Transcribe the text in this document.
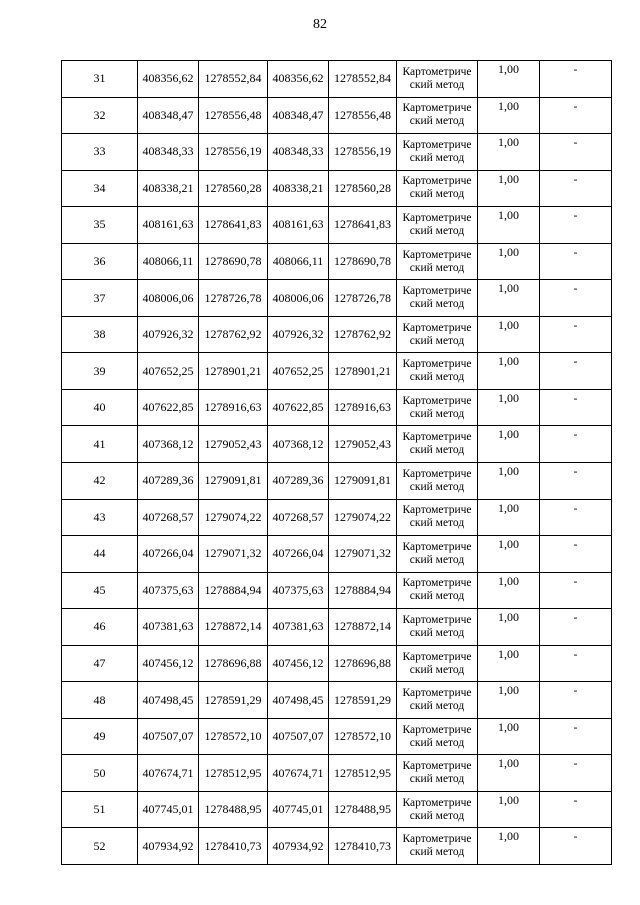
82
31	408356,62	1278552,84	408356,62	1278552,84	Картометриче
ский метод	1,00	-
32	408348,47	1278556,48	408348,47	1278556,48	Картометриче
ский метод	1,00	-
33	408348,33	1278556,19	408348,33	1278556,19	Картометриче
ский метод	1,00	-
34	408338,21	1278560,28	408338,21	1278560,28	Картометриче
ский метод	1,00	-
35	408161,63	1278641,83	408161,63	1278641,83	Картометриче
ский метод	1,00	-
36	408066,11	1278690,78	408066,11	1278690,78	Картометриче
ский метод	1,00	-
37	408006,06	1278726,78	408006,06	1278726,78	Картометриче
ский метод	1,00	-
38	407926,32	1278762,92	407926,32	1278762,92	Картометриче
ский метод	1,00	-
39	407652,25	1278901,21	407652,25	1278901,21	Картометриче
ский метод	1,00	-
40	407622,85	1278916,63	407622,85	1278916,63	Картометриче
ский метод	1,00	-
41	407368,12	1279052,43	407368,12	1279052,43	Картометриче
ский метод	1,00	-
42	407289,36	1279091,81	407289,36	1279091,81	Картометриче
ский метод	1,00	-
43	407268,57	1279074,22	407268,57	1279074,22	Картометриче
ский метод	1,00	-
44	407266,04	1279071,32	407266,04	1279071,32	Картометриче
ский метод	1,00	-
45	407375,63	1278884,94	407375,63	1278884,94	Картометриче
ский метод	1,00	-
46	407381,63	1278872,14	407381,63	1278872,14	Картометриче
ский метод	1,00	-
47	407456,12	1278696,88	407456,12	1278696,88	Картометриче
ский метод	1,00	-
48	407498,45	1278591,29	407498,45	1278591,29	Картометриче
ский метод	1,00	-
49	407507,07	1278572,10	407507,07	1278572,10	Картометриче
ский метод	1,00	-
50	407674,71	1278512,95	407674,71	1278512,95	Картометриче
ский метод	1,00	-
51	407745,01	1278488,95	407745,01	1278488,95	Картометриче
ский метод	1,00	-
52	407934,92	1278410,73	407934,92	1278410,73	Картометриче
ский метод	1,00	-
